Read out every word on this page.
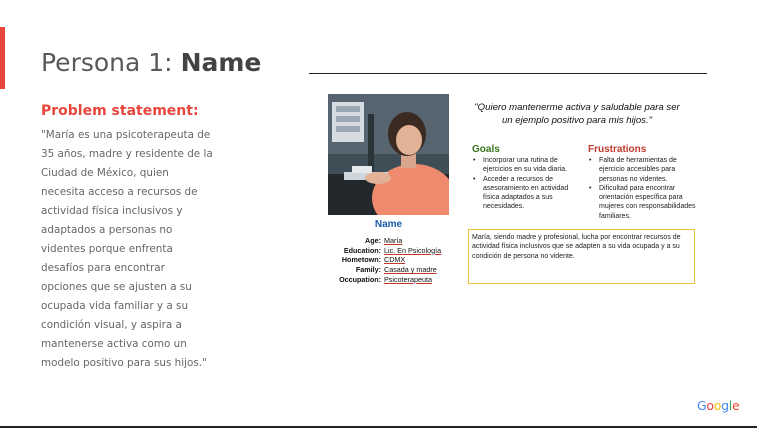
Persona 1: Name
Problem statement:
"María es una psicoterapeuta de 35 años, madre y residente de la Ciudad de México, quien necesita acceso a recursos de actividad física inclusivos y adaptados a personas no videntes porque enfrenta desafíos para encontrar opciones que se ajusten a su ocupada vida familiar y a su condición visual, y aspira a mantenerse activa como un modelo positivo para sus hijos."
Name
Age: María
Education: Lic. En Psicología
Hometown: CDMX
Family: Casada y madre
Occupation: Psicoterapeuta
"Quiero mantenerme activa y saludable para ser un ejemplo positivo para mis hijos."
Goals
• Incorporar una rutina de ejercicios en su vida diaria.
• Acceder a recursos de asesoramiento en actividad física adaptados a sus necesidades.
Frustrations
• Falta de herramientas de ejercicio accesibles para personas no videntes.
• Dificultad para encontrar orientación específica para mujeres con responsabilidades familiares.
María, siendo madre y profesional, lucha por encontrar recursos de actividad física inclusivos que se adapten a su vida ocupada y a su condición de persona no vidente.
Google
